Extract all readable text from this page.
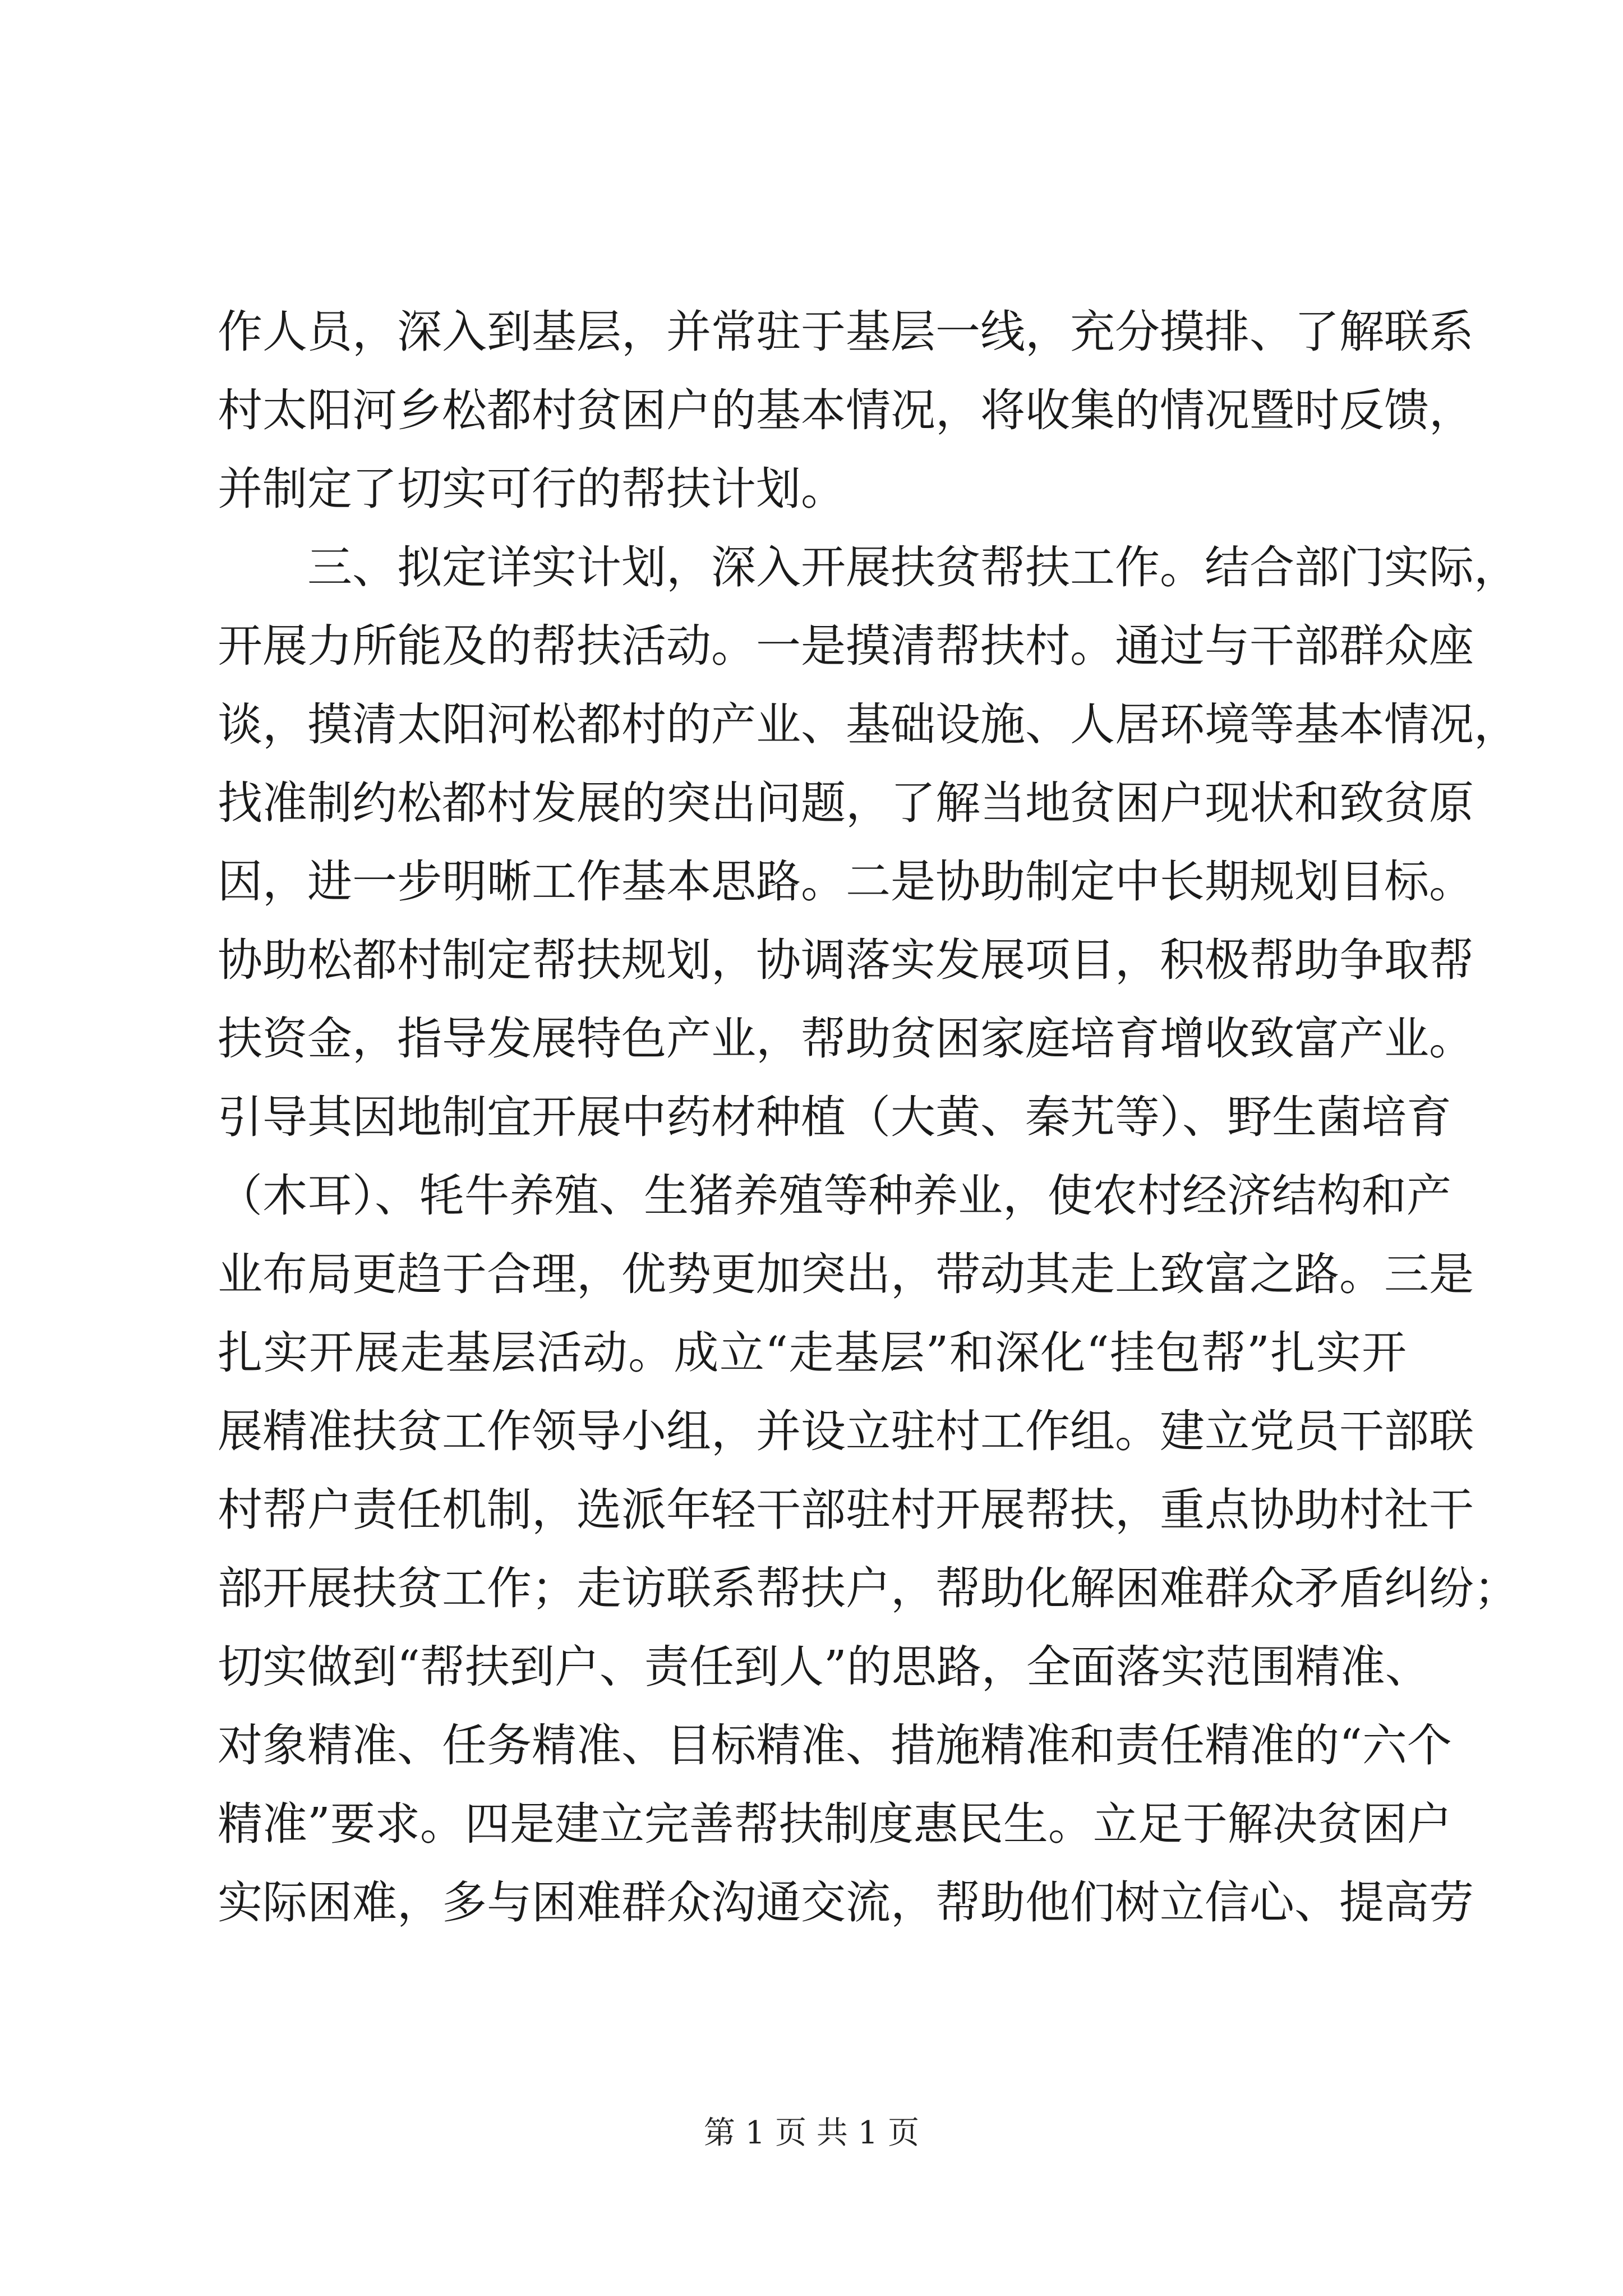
作人员，深入到基层，并常驻于基层一线，充分摸排、了解联系
村太阳河乡松都村贫困户的基本情况，将收集的情况暨时反馈，
并制定了切实可行的帮扶计划。
三、拟定详实计划，深入开展扶贫帮扶工作。结合部门实际，
开展力所能及的帮扶活动。一是摸清帮扶村。通过与干部群众座
谈，摸清太阳河松都村的产业、基础设施、人居环境等基本情况，
找准制约松都村发展的突出问题，了解当地贫困户现状和致贫原
因，进一步明晰工作基本思路。二是协助制定中长期规划目标。
协助松都村制定帮扶规划，协调落实发展项目，积极帮助争取帮
扶资金，指导发展特色产业，帮助贫困家庭培育增收致富产业。
引导其因地制宜开展中药材种植（大黄、秦艽等）、野生菌培育
（木耳）、牦牛养殖、生猪养殖等种养业，使农村经济结构和产
业布局更趋于合理，优势更加突出，带动其走上致富之路。三是
扎实开展走基层活动。成立“走基层”和深化“挂包帮”扎实开
展精准扶贫工作领导小组，并设立驻村工作组。建立党员干部联
村帮户责任机制，选派年轻干部驻村开展帮扶，重点协助村社干
部开展扶贫工作；走访联系帮扶户，帮助化解困难群众矛盾纠纷；
切实做到“帮扶到户、责任到人”的思路，全面落实范围精准、
对象精准、任务精准、目标精准、措施精准和责任精准的“六个
精准”要求。四是建立完善帮扶制度惠民生。立足于解决贫困户
实际困难，多与困难群众沟通交流，帮助他们树立信心、提高劳
第 1 页 共 1 页
